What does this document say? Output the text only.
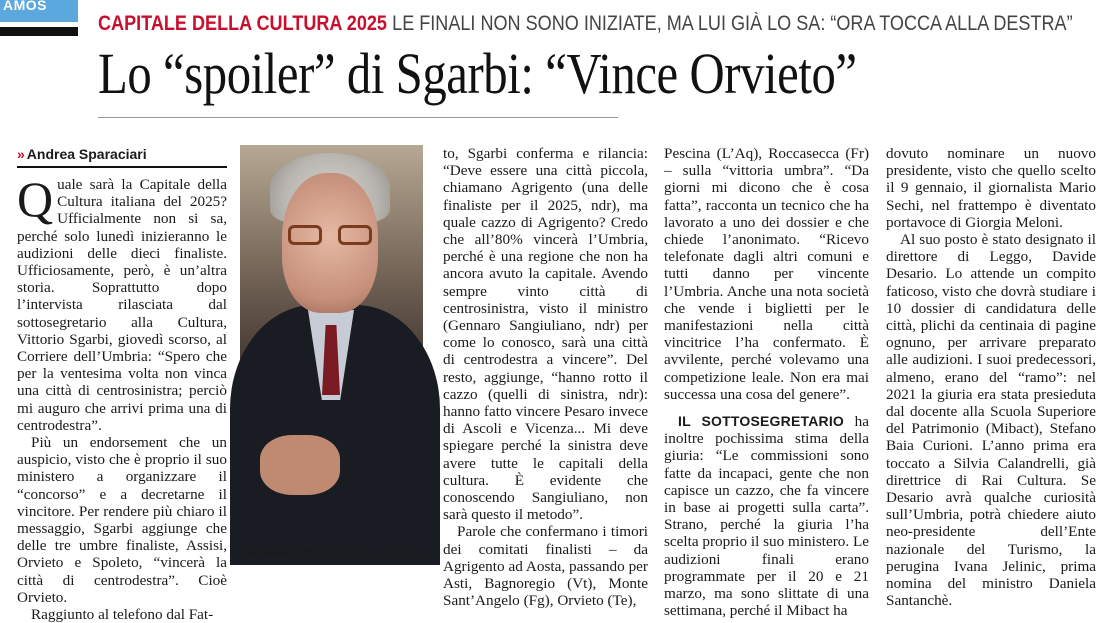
AMOS
CAPITALE DELLA CULTURA 2025 LE FINALI NON SONO INIZIATE, MA LUI GIÀ LO SA: “ORA TOCCA ALLA DESTRA”
Lo “spoiler” di Sgarbi: “Vince Orvieto”
» Andrea Sparaciari

Quale sarà la Capitale della Cultura italiana del 2025? Ufficialmente non si sa, perché solo lunedì inizieranno le audizioni delle dieci finaliste. Ufficiosamente, però, è un’altra storia. Soprattutto dopo l’intervista rilasciata dal sottosegretario alla Cultura, Vittorio Sgarbi, giovedì scorso, al Corriere dell’Umbria: “Spero che per la ventesima volta non vinca una città di centrosinistra; perciò mi auguro che arrivi prima una di centrodestra”.

Più un endorsement che un auspicio, visto che è proprio il suo ministero a organizzare il “concorso” e a decretarne il vincitore. Per rendere più chiaro il messaggio, Sgarbi aggiunge che delle tre umbre finaliste, Assisi, Orvieto e Spoleto, “vincerà la città di centrodestra”. Cioè Orvieto.

Raggiunto al telefono dal Fat-

Indovino Vittorio Sgarbi LAPRESSE

to, Sgarbi conferma e rilancia: “Deve essere una città piccola, chiamano Agrigento (una delle finaliste per il 2025, ndr), ma quale cazzo di Agrigento? Credo che all’80% vincerà l’Umbria, perché è una regione che non ha ancora avuto la capitale. Avendo sempre vinto città di centrosinistra, visto il ministro (Gennaro Sangiuliano, ndr) per come lo conosco, sarà una città di centrodestra a vincere”. Del resto, aggiunge, “hanno rotto il cazzo (quelli di sinistra, ndr): hanno fatto vincere Pesaro invece di Ascoli e Vicenza... Mi deve spiegare perché la sinistra deve avere tutte le capitali della cultura. È evidente che conoscendo Sangiuliano, non sarà questo il metodo”.

Parole che confermano i timori dei comitati finalisti – da Agrigento ad Aosta, passando per Asti, Bagnoregio (Vt), Monte Sant’Angelo (Fg), Orvieto (Te),

Pescina (L’Aq), Roccasecca (Fr) – sulla “vittoria umbra”. “Da giorni mi dicono che è cosa fatta”, racconta un tecnico che ha lavorato a uno dei dossier e che chiede l’anonimato. “Ricevo telefonate dagli altri comuni e tutti danno per vincente l’Umbria. Anche una nota società che vende i biglietti per le manifestazioni nella città vincitrice l’ha confermato. È avvilente, perché volevamo una competizione leale. Non era mai successa una cosa del genere”.

IL SOTTOSEGRETARIO ha inoltre pochissima stima della giuria: “Le commissioni sono fatte da incapaci, gente che non capisce un cazzo, che fa vincere in base ai progetti sulla carta”. Strano, perché la giuria l’ha scelta proprio il suo ministero. Le audizioni finali erano programmate per il 20 e 21 marzo, ma sono slittate di una settimana, perché il Mibact ha

dovuto nominare un nuovo presidente, visto che quello scelto il 9 gennaio, il giornalista Mario Sechi, nel frattempo è diventato portavoce di Giorgia Meloni.

Al suo posto è stato designato il direttore di Leggo, Davide Desario. Lo attende un compito faticoso, visto che dovrà studiare i 10 dossier di candidatura delle città, plichi da centinaia di pagine ognuno, per arrivare preparato alle audizioni. I suoi predecessori, almeno, erano del “ramo”: nel 2021 la giuria era stata presieduta dal docente alla Scuola Superiore del Patrimonio (Mibact), Stefano Baia Curioni. L’anno prima era toccato a Silvia Calandrelli, già direttrice di Rai Cultura. Se Desario avrà qualche curiosità sull’Umbria, potrà chiedere aiuto neo-presidente dell’Ente nazionale del Turismo, la perugina Ivana Jelinic, prima nomina del ministro Daniela Santanchè.
